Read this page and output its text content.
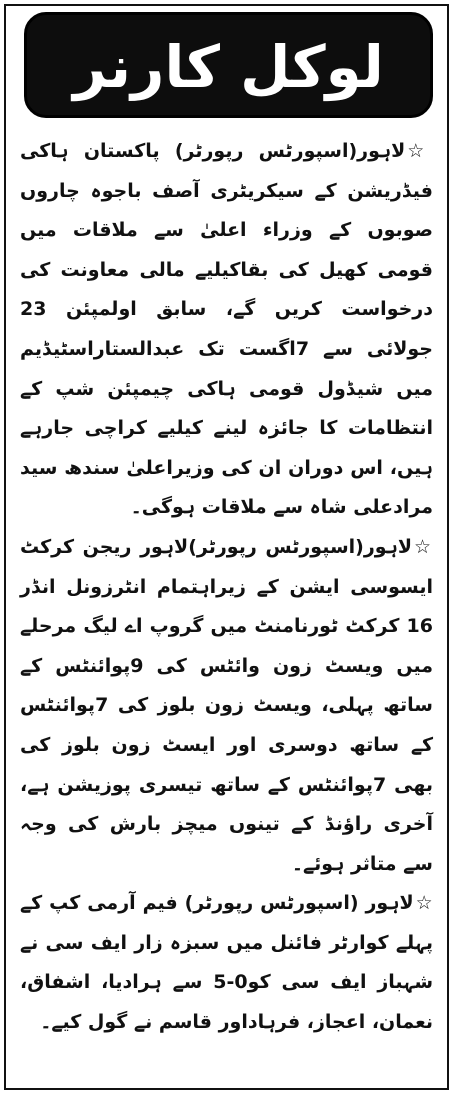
لوکل کارنر

☆لاہور(اسپورٹس رپورٹر) پاکستان ہاکی فیڈریشن کے سیکریٹری آصف باجوہ چاروں صوبوں کے وزراء اعلیٰ سے ملاقات میں قومی کھیل کی بقاکیلیے مالی معاونت کی درخواست کریں گے، سابق اولمپئن 23 جولائی سے 7اگست تک عبدالستاراسٹیڈیم میں شیڈول قومی ہاکی چیمپئن شپ کے انتظامات کا جائزہ لینے کیلیے کراچی جارہے ہیں، اس دوران ان کی وزیراعلیٰ سندھ سید مرادعلی شاہ سے ملاقات ہوگی۔

☆لاہور(اسپورٹس رپورٹر)لاہور ریجن کرکٹ ایسوسی ایشن کے زیراہتمام انٹرزونل انڈر 16 کرکٹ ٹورنامنٹ میں گروپ اے لیگ مرحلے میں ویسٹ زون وائٹس کی 9پوائنٹس کے ساتھ پہلی، ویسٹ زون بلوز کی 7پوائنٹس کے ساتھ دوسری اور ایسٹ زون بلوز کی بھی 7پوائنٹس کے ساتھ تیسری پوزیشن ہے، آخری راؤنڈ کے تینوں میچز بارش کی وجہ سے متاثر ہوئے۔

☆لاہور (اسپورٹس رپورٹر) فیم آرمی کپ کے پہلے کوارٹر فائنل میں سبزہ زار ایف سی نے شہباز ایف سی کو0-5 سے ہرادیا، اشفاق، نعمان، اعجاز، فرہاداور قاسم نے گول کیے۔
